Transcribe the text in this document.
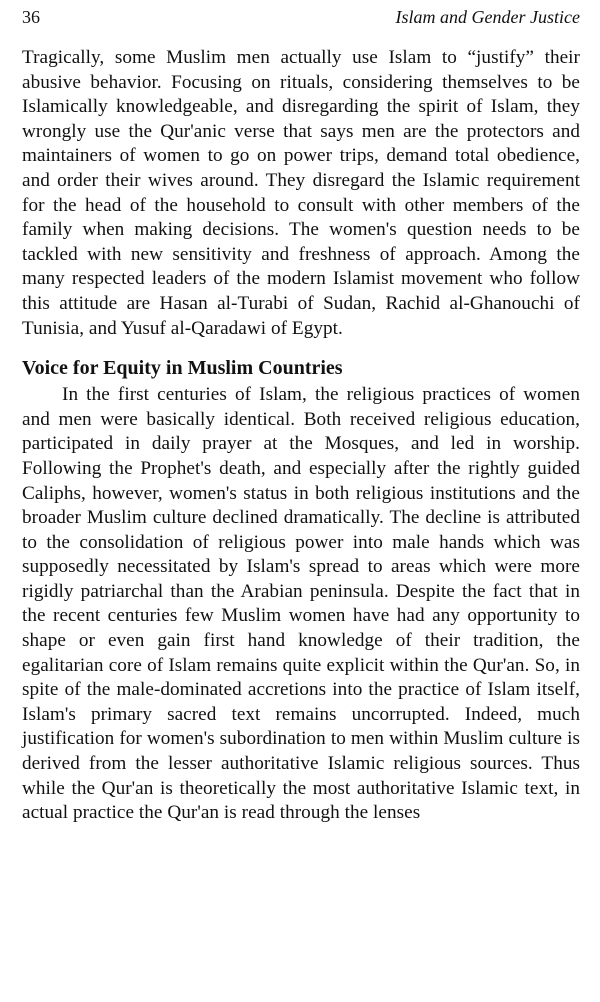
36	Islam and Gender Justice

Tragically, some Muslim men actually use Islam to “justify” their abusive behavior. Focusing on rituals, considering themselves to be Islamically knowledgeable, and disregarding the spirit of Islam, they wrongly use the Qur'anic verse that says men are the protectors and maintainers of women to go on power trips, demand total obedience, and order their wives around. They disregard the Islamic requirement for the head of the household to consult with other members of the family when making decisions. The women's question needs to be tackled with new sensitivity and freshness of approach. Among the many respected leaders of the modern Islamist movement who follow this attitude are Hasan al-Turabi of Sudan, Rachid al-Ghanouchi of Tunisia, and Yusuf al-Qaradawi of Egypt.

Voice for Equity in Muslim Countries

In the first centuries of Islam, the religious practices of women and men were basically identical. Both received religious education, participated in daily prayer at the Mosques, and led in worship. Following the Prophet's death, and especially after the rightly guided Caliphs, however, women's status in both religious institutions and the broader Muslim culture declined dramatically. The decline is attributed to the consolidation of religious power into male hands which was supposedly necessitated by Islam's spread to areas which were more rigidly patriarchal than the Arabian peninsula. Despite the fact that in the recent centuries few Muslim women have had any opportunity to shape or even gain first hand knowledge of their tradition, the egalitarian core of Islam remains quite explicit within the Qur'an. So, in spite of the male-dominated accretions into the practice of Islam itself, Islam's primary sacred text remains uncorrupted. Indeed, much justification for women's subordination to men within Muslim culture is derived from the lesser authoritative Islamic religious sources. Thus while the Qur'an is theoretically the most authoritative Islamic text, in actual practice the Qur'an is read through the lenses
